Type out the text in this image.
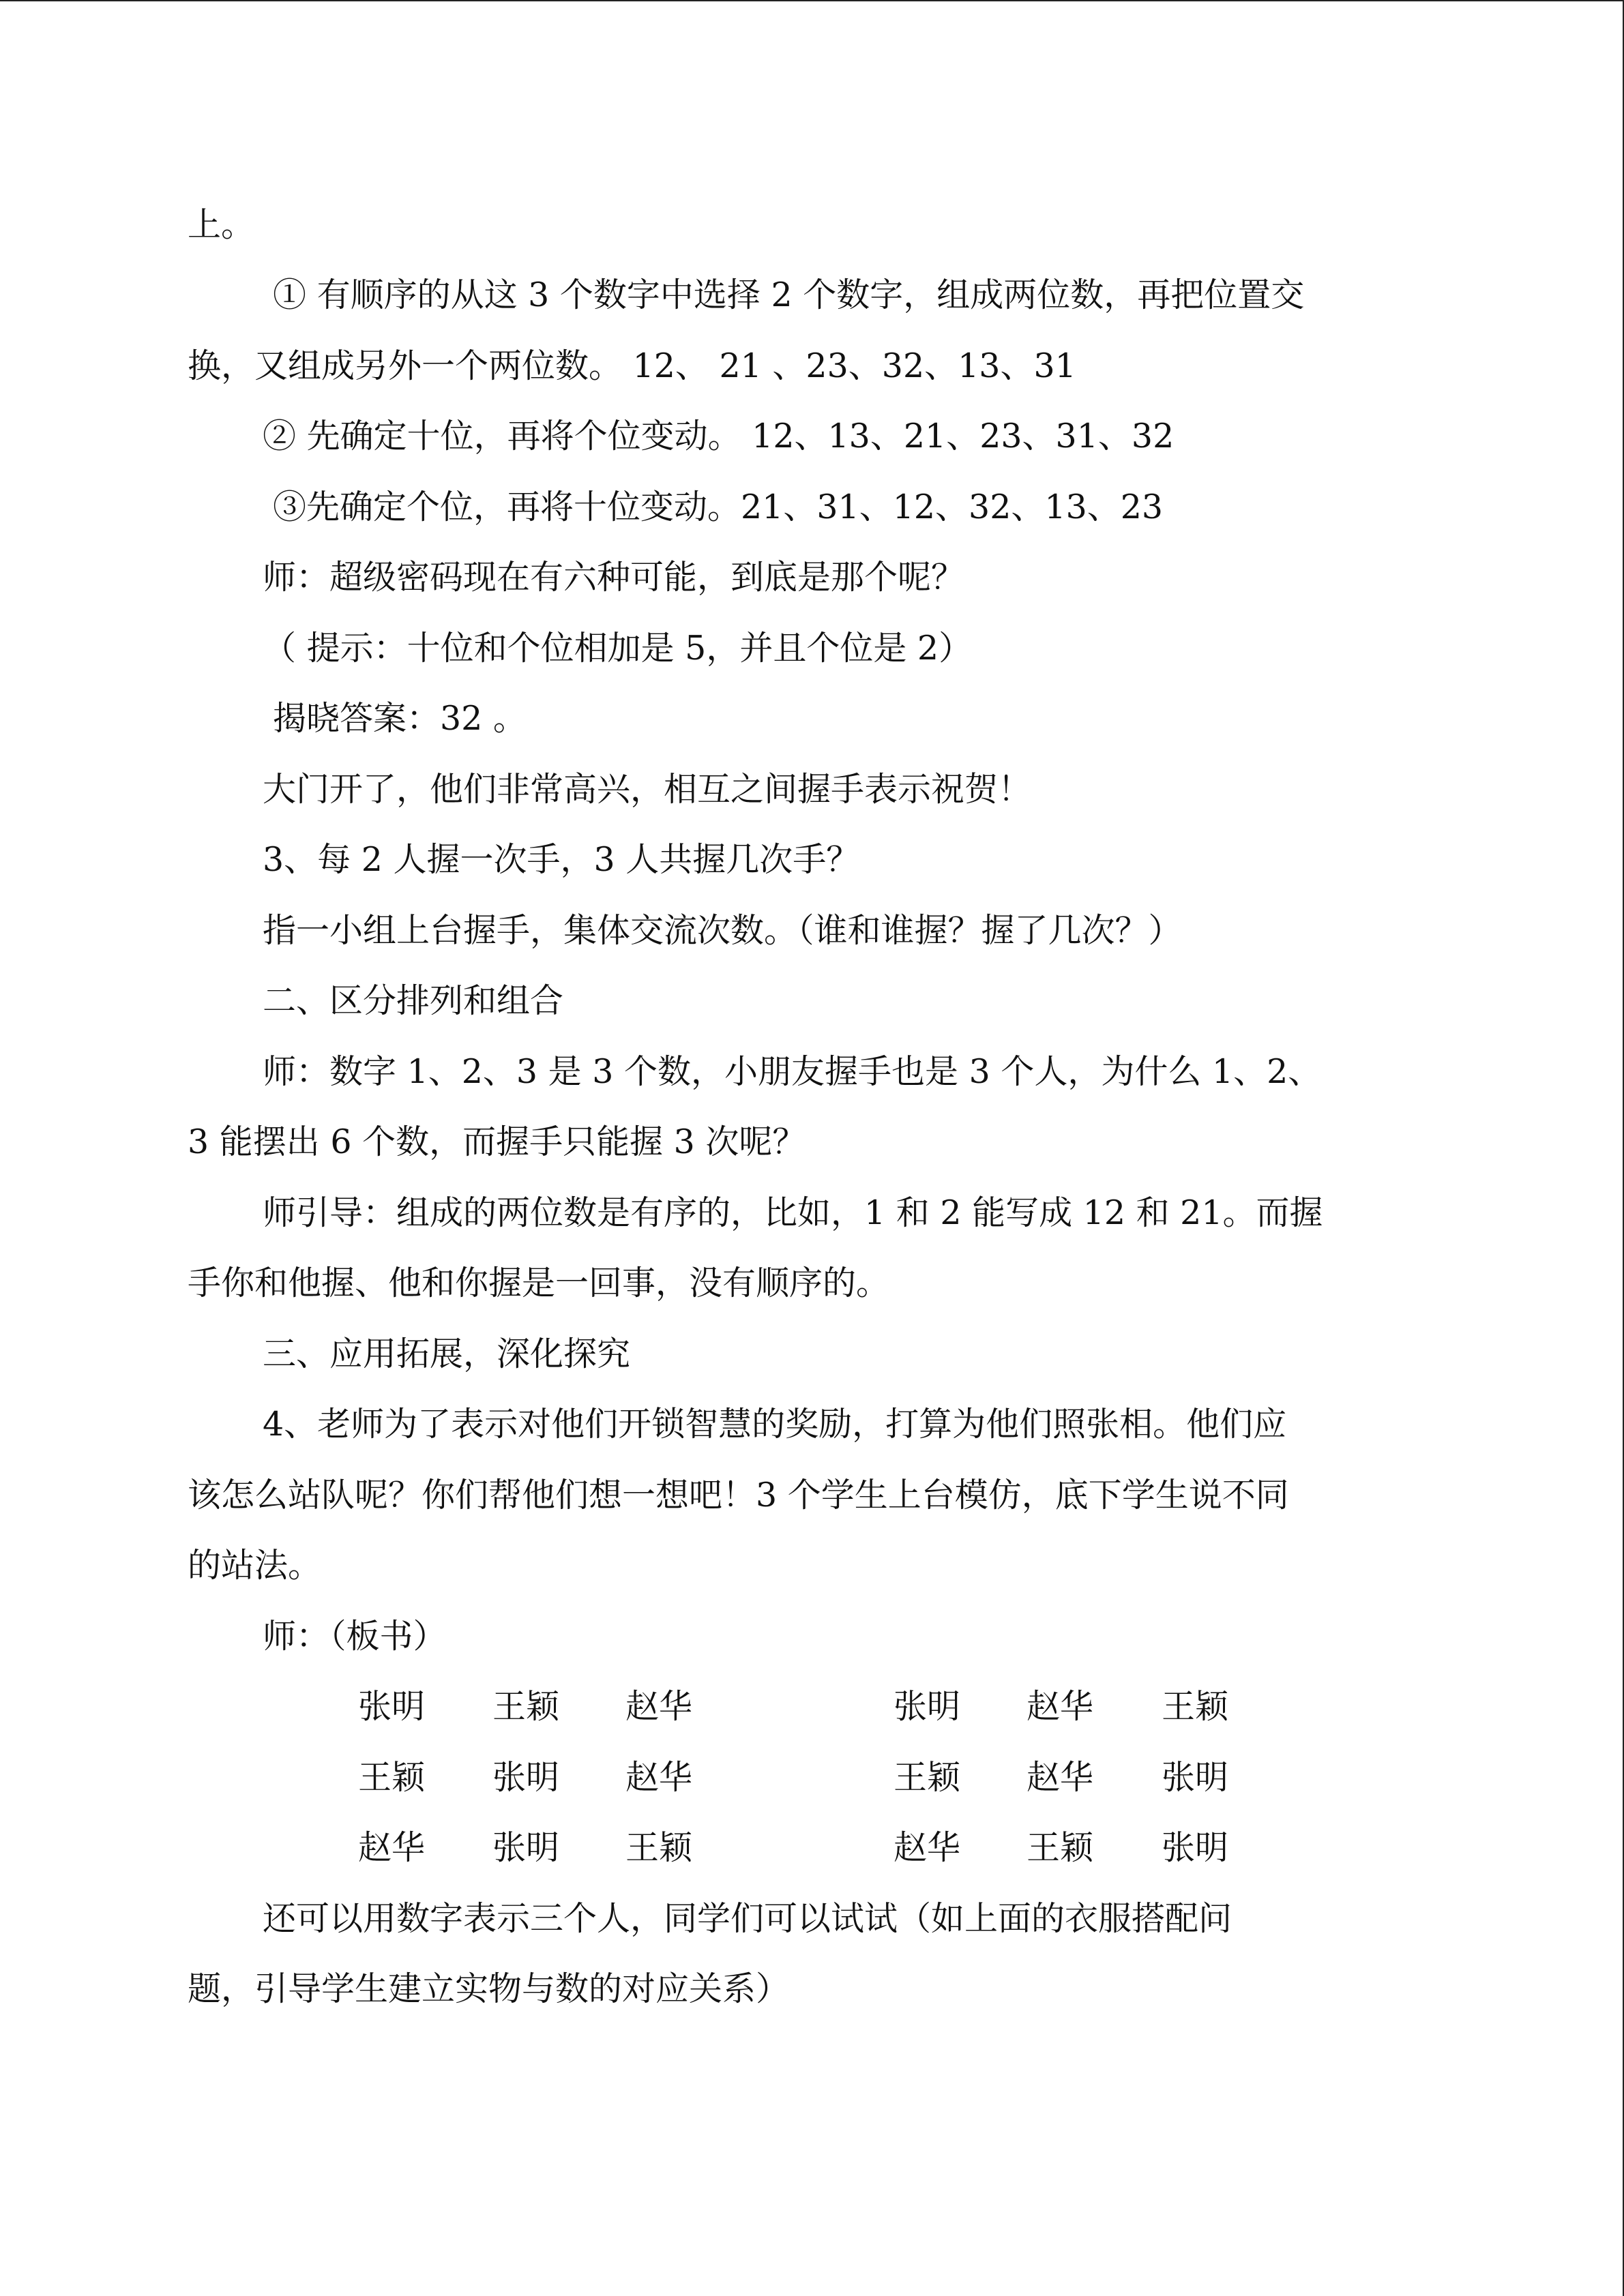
上。
① 有顺序的从这 3 个数字中选择 2 个数字，组成两位数，再把位置交
换，又组成另外一个两位数。 12、 21 、23、32、13、31
② 先确定十位，再将个位变动。 12、13、21、23、31、32
③先确定个位，再将十位变动。21、31、12、32、13、23
师：超级密码现在有六种可能，到底是那个呢？
（ 提示：十位和个位相加是 5，并且个位是 2）
揭晓答案：32 。
大门开了，他们非常高兴，相互之间握手表示祝贺！
3、每 2 人握一次手，3 人共握几次手？
指一小组上台握手，集体交流次数。（谁和谁握？握了几次？）
二、区分排列和组合
师：数字 1、2、3 是 3 个数，小朋友握手也是 3 个人，为什么 1、2、
3 能摆出 6 个数，而握手只能握 3 次呢？
师引导：组成的两位数是有序的，比如，1 和 2 能写成 12 和 21。而握
手你和他握、他和你握是一回事，没有顺序的。
三、应用拓展，深化探究
4、老师为了表示对他们开锁智慧的奖励，打算为他们照张相。他们应
该怎么站队呢？你们帮他们想一想吧！3 个学生上台模仿，底下学生说不同
的站法。
师：（板书）
张明 王颖 赵华	张明 赵华 王颖
王颖 张明 赵华	王颖 赵华 张明
赵华 张明 王颖	赵华 王颖 张明
还可以用数字表示三个人，同学们可以试试（如上面的衣服搭配问
题，引导学生建立实物与数的对应关系）
